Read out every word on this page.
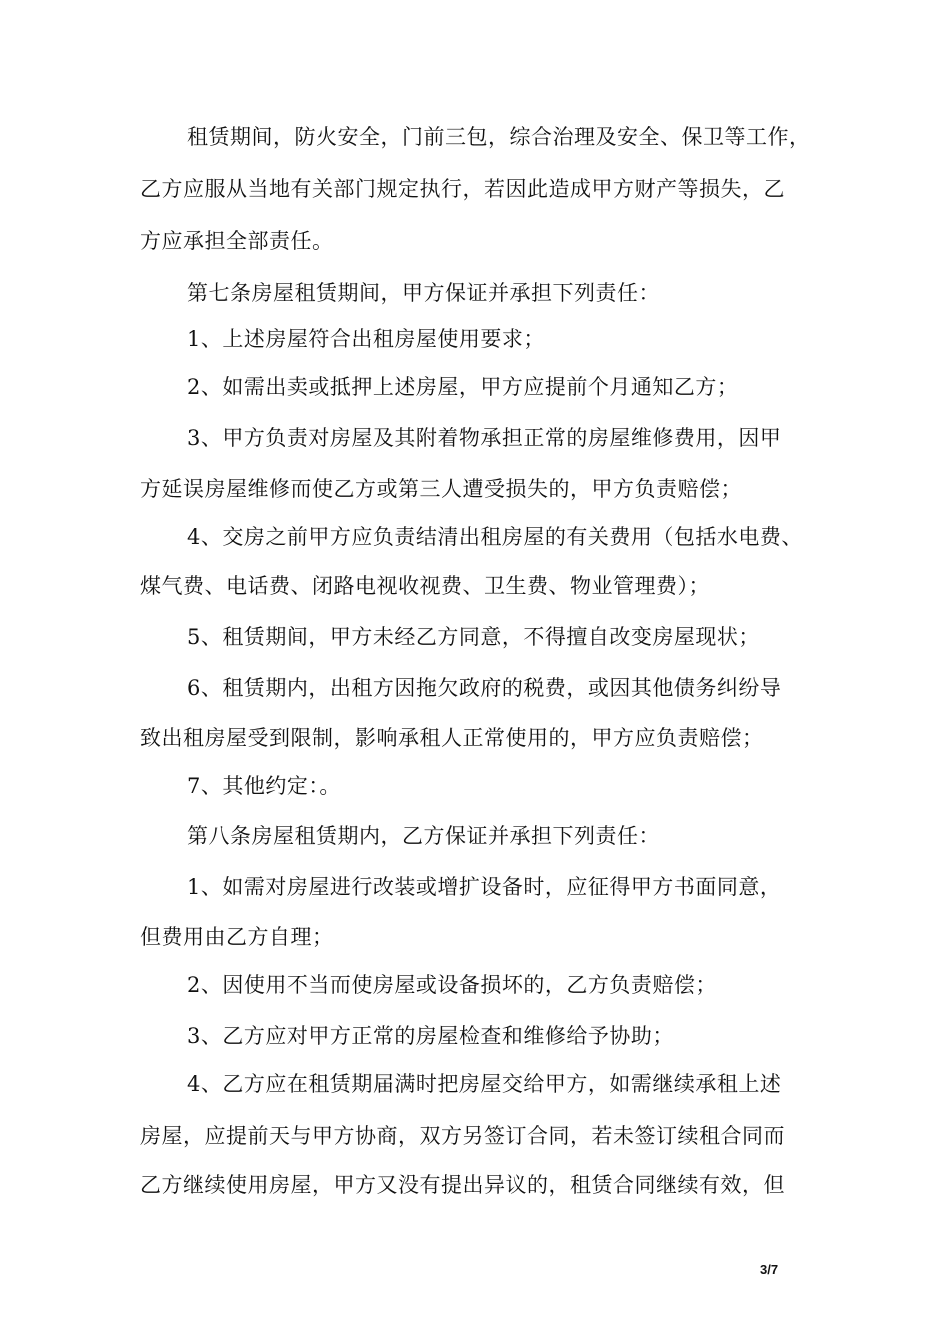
租赁期间，防火安全，门前三包，综合治理及安全、保卫等工作，
乙方应服从当地有关部门规定执行，若因此造成甲方财产等损失，乙
方应承担全部责任。
第七条房屋租赁期间，甲方保证并承担下列责任：
1、上述房屋符合出租房屋使用要求；
2、如需出卖或抵押上述房屋，甲方应提前个月通知乙方；
3、甲方负责对房屋及其附着物承担正常的房屋维修费用，因甲
方延误房屋维修而使乙方或第三人遭受损失的，甲方负责赔偿；
4、交房之前甲方应负责结清出租房屋的有关费用（包括水电费、
煤气费、电话费、闭路电视收视费、卫生费、物业管理费）；
5、租赁期间，甲方未经乙方同意，不得擅自改变房屋现状；
6、租赁期内，出租方因拖欠政府的税费，或因其他债务纠纷导
致出租房屋受到限制，影响承租人正常使用的，甲方应负责赔偿；
7、其他约定：。
第八条房屋租赁期内，乙方保证并承担下列责任：
1、如需对房屋进行改装或增扩设备时，应征得甲方书面同意，
但费用由乙方自理；
2、因使用不当而使房屋或设备损坏的，乙方负责赔偿；
3、乙方应对甲方正常的房屋检查和维修给予协助；
4、乙方应在租赁期届满时把房屋交给甲方，如需继续承租上述
房屋，应提前天与甲方协商，双方另签订合同，若未签订续租合同而
乙方继续使用房屋，甲方又没有提出异议的，租赁合同继续有效，但
3/7
